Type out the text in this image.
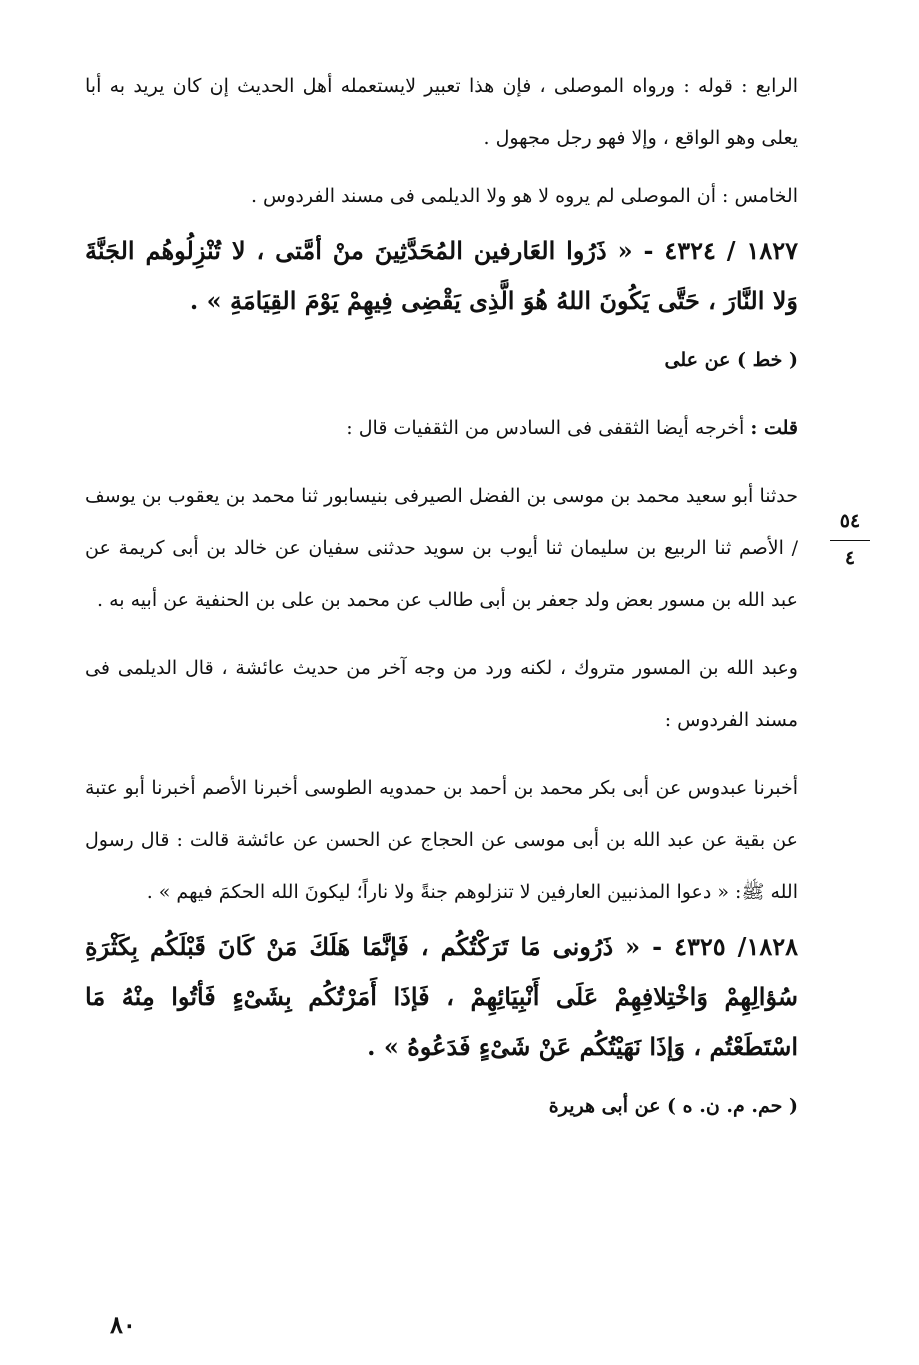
الرابع : قوله : ورواه الموصلى ، فإن هذا تعبير لايستعمله أهل الحديث إن كان يريد به أبا يعلى وهو الواقع ، وإلا فهو رجل مجهول .

الخامس : أن الموصلى لم يروه لا هو ولا الديلمى فى مسند الفردوس .

١٨٢٧ / ٤٣٢٤ - « ذَرُوا العَارفين المُحَدَّثِينَ منْ أمَّتى ، لا تُنْزِلُوهُم الجَنَّةَ وَلا النَّارَ ، حَتَّى يَكُونَ اللهُ هُوَ الَّذِى يَقْضِى فِيهِمْ يَوْمَ القِيَامَةِ » .

( خط ) عن على

قلت : أخرجه أيضا الثقفى فى السادس من الثقفيات قال :

حدثنا أبو سعيد محمد بن موسى بن الفضل الصيرفى بنيسابور ثنا محمد بن يعقوب بن يوسف / الأصم ثنا الربيع بن سليمان ثنا أيوب بن سويد حدثنى سفيان عن خالد بن أبى كريمة عن عبد الله بن مسور بعض ولد جعفر بن أبى طالب عن محمد بن على بن الحنفية عن أبيه به .

وعبد الله بن المسور متروك ، لكنه ورد من وجه آخر من حديث عائشة ، قال الديلمى فى مسند الفردوس :

أخبرنا عبدوس عن أبى بكر محمد بن أحمد بن حمدويه الطوسى أخبرنا الأصم أخبرنا أبو عتبة عن بقية عن عبد الله بن أبى موسى عن الحجاج عن الحسن عن عائشة قالت : قال رسول الله ﷺ: « دعوا المذنبين العارفين لا تنزلوهم جنةً ولا ناراً؛ ليكونَ الله الحكمَ فيهم » .

١٨٢٨/ ٤٣٢٥ - « ذَرُونى مَا تَرَكْتُكُم ، فَإنَّمَا هَلَكَ مَنْ كَانَ قَبْلَكُم بِكَثْرَةِ سُؤالِهِمْ وَاخْتِلافِهِمْ عَلَى أَنْبِيَائِهِمْ ، فَإذَا أَمَرْتُكُم بِشَىْءٍ فَأتُوا مِنْهُ مَا اسْتَطَعْتُم ، وَإذَا نَهَيْتُكُم عَنْ شَىْءٍ فَدَعُوهُ » .

( حم. م. ن. ه ) عن أبى هريرة

٥٤
٤
٨٠
